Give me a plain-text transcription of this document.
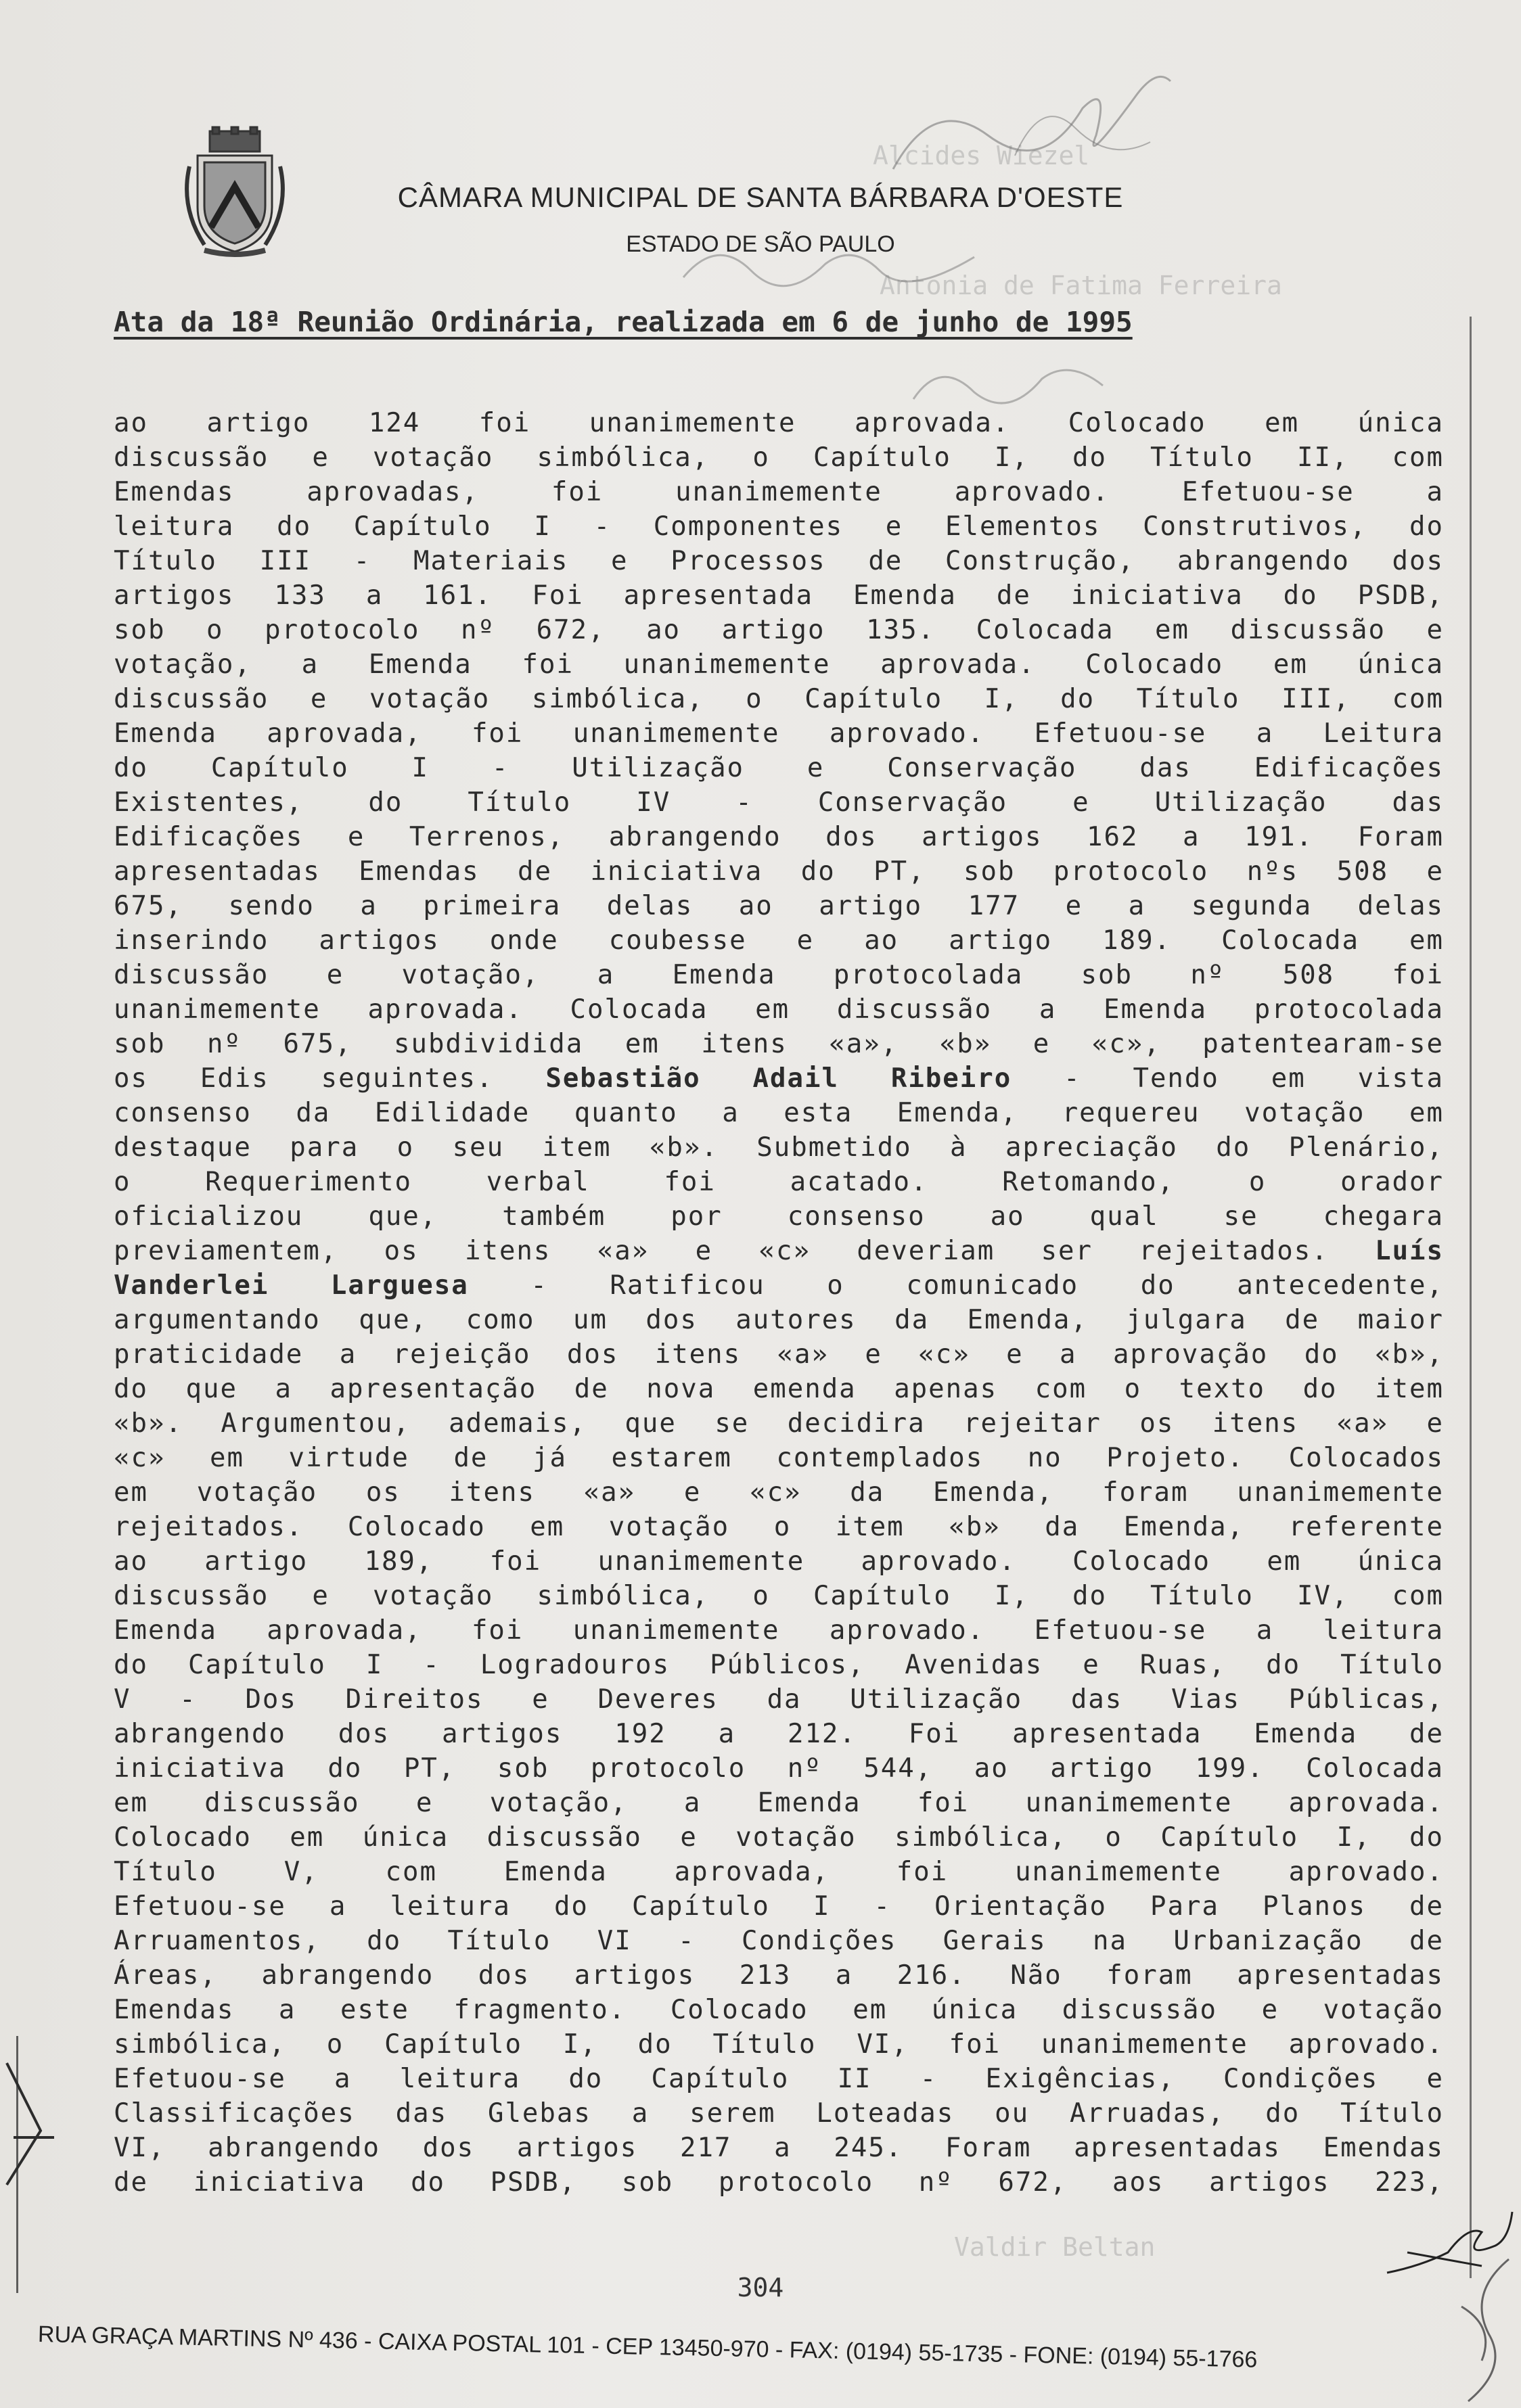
Alcides Wiezel
Antonia de Fatima Ferreira
Valdir Beltan
CÂMARA MUNICIPAL DE SANTA BÁRBARA D'OESTE
ESTADO DE SÃO PAULO
Ata da 18ª Reunião Ordinária, realizada em 6 de junho de 1995
ao artigo 124 foi unanimemente aprovada. Colocado em única
discussão e votação simbólica, o Capítulo I, do Título II, com
Emendas aprovadas, foi unanimemente aprovado. Efetuou-se a
leitura do Capítulo I - Componentes e Elementos Construtivos, do
Título III - Materiais e Processos de Construção, abrangendo dos
artigos 133 a 161. Foi apresentada Emenda de iniciativa do PSDB,
sob o protocolo nº 672, ao artigo 135. Colocada em discussão e
votação, a Emenda foi unanimemente aprovada. Colocado em única
discussão e votação simbólica, o Capítulo I, do Título III, com
Emenda aprovada, foi unanimemente aprovado. Efetuou-se a Leitura
do Capítulo I - Utilização e Conservação das Edificações
Existentes, do Título IV - Conservação e Utilização das
Edificações e Terrenos, abrangendo dos artigos 162 a 191. Foram
apresentadas Emendas de iniciativa do PT, sob protocolo nºs 508 e
675, sendo a primeira delas ao artigo 177 e a segunda delas
inserindo artigos onde coubesse e ao artigo 189. Colocada em
discussão e votação, a Emenda protocolada sob nº 508 foi
unanimemente aprovada. Colocada em discussão a Emenda protocolada
sob nº 675, subdividida em itens «a», «b» e «c», patentearam-se
os Edis seguintes. Sebastião Adail Ribeiro - Tendo em vista
consenso da Edilidade quanto a esta Emenda, requereu votação em
destaque para o seu item «b». Submetido à apreciação do Plenário,
o Requerimento verbal foi acatado. Retomando, o orador
oficializou que, também por consenso ao qual se chegara
previamentem, os itens «a» e «c» deveriam ser rejeitados. Luís
Vanderlei Larguesa - Ratificou o comunicado do antecedente,
argumentando que, como um dos autores da Emenda, julgara de maior
praticidade a rejeição dos itens «a» e «c» e a aprovação do «b»,
do que a apresentação de nova emenda apenas com o texto do item
«b». Argumentou, ademais, que se decidira rejeitar os itens «a» e
«c» em virtude de já estarem contemplados no Projeto. Colocados
em votação os itens «a» e «c» da Emenda, foram unanimemente
rejeitados. Colocado em votação o item «b» da Emenda, referente
ao artigo 189, foi unanimemente aprovado. Colocado em única
discussão e votação simbólica, o Capítulo I, do Título IV, com
Emenda aprovada, foi unanimemente aprovado. Efetuou-se a leitura
do Capítulo I - Logradouros Públicos, Avenidas e Ruas, do Título
V - Dos Direitos e Deveres da Utilização das Vias Públicas,
abrangendo dos artigos 192 a 212. Foi apresentada Emenda de
iniciativa do PT, sob protocolo nº 544, ao artigo 199. Colocada
em discussão e votação, a Emenda foi unanimemente aprovada.
Colocado em única discussão e votação simbólica, o Capítulo I, do
Título V, com Emenda aprovada, foi unanimemente aprovado.
Efetuou-se a leitura do Capítulo I - Orientação Para Planos de
Arruamentos, do Título VI - Condições Gerais na Urbanização de
Áreas, abrangendo dos artigos 213 a 216. Não foram apresentadas
Emendas a este fragmento. Colocado em única discussão e votação
simbólica, o Capítulo I, do Título VI, foi unanimemente aprovado.
Efetuou-se a leitura do Capítulo II - Exigências, Condições e
Classificações das Glebas a serem Loteadas ou Arruadas, do Título
VI, abrangendo dos artigos 217 a 245. Foram apresentadas Emendas
de iniciativa do PSDB, sob protocolo nº 672, aos artigos 223,
304
RUA GRAÇA MARTINS Nº 436 - CAIXA POSTAL 101 - CEP 13450-970 - FAX: (0194) 55-1735 - FONE: (0194) 55-1766
